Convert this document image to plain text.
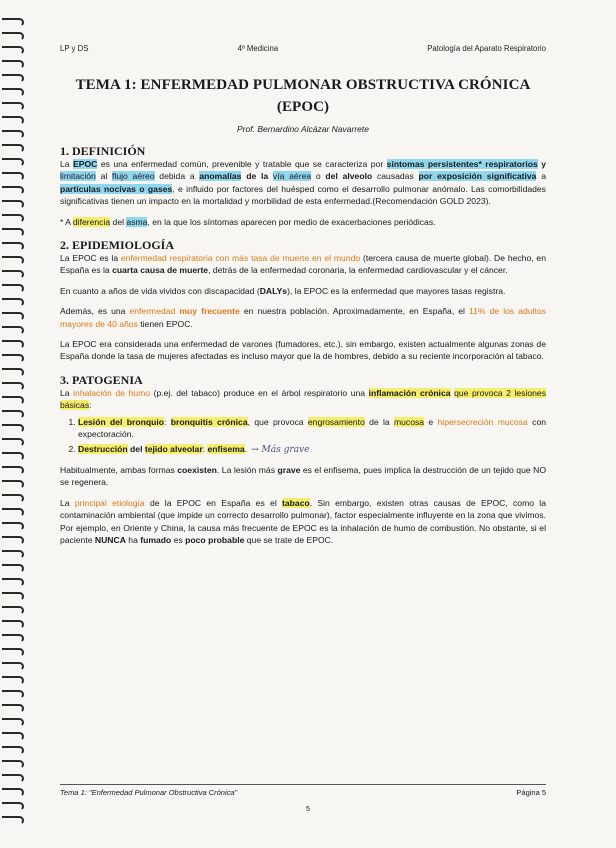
LP y DS	4º Medicina	Patología del Aparato Respiratorio
TEMA 1: ENFERMEDAD PULMONAR OBSTRUCTIVA CRÓNICA
(EPOC)
Prof. Bernardino Alcázar Navarrete
1. DEFINICIÓN

La EPOC es una enfermedad común, prevenible y tratable que se caracteriza por síntomas persistentes* respiratorios y limitación al flujo aéreo debida a anomalías de la vía aérea o del alveolo causadas por exposición significativa a partículas nocivas o gases, e influido por factores del huésped como el desarrollo pulmonar anómalo. Las comorbilidades significativas tienen un impacto en la mortalidad y morbilidad de esta enfermedad.(Recomendación GOLD 2023).

* A diferencia del asma, en la que los síntomas aparecen por medio de exacerbaciones periódicas.

2. EPIDEMIOLOGÍA

La EPOC es la enfermedad respiratoria con más tasa de muerte en el mundo (tercera causa de muerte global). De hecho, en España es la cuarta causa de muerte, detrás de la enfermedad coronaria, la enfermedad cardiovascular y el cáncer.

En cuanto a años de vida vividos con discapacidad (DALYs), la EPOC es la enfermedad que mayores tasas registra.

Además, es una enfermedad muy frecuente en nuestra población. Aproximadamente, en España, el 11% de los adultos mayores de 40 años tienen EPOC.

La EPOC era considerada una enfermedad de varones (fumadores, etc.), sin embargo, existen actualmente algunas zonas de España donde la tasa de mujeres afectadas es incluso mayor que la de hombres, debido a su reciente incorporación al tabaco.

3. PATOGENIA

La inhalación de humo (p.ej. del tabaco) produce en el árbol respiratorio una inflamación crónica que provoca 2 lesiones básicas:

1. Lesión del bronquio: bronquitis crónica, que provoca engrosamiento de la mucosa e hipersecreción mucosa con expectoración.
2. Destrucción del tejido alveolar: enfisema. → Más grave

Habitualmente, ambas formas coexisten. La lesión más grave es el enfisema, pues implica la destrucción de un tejido que NO se regenera.

La principal etiología de la EPOC en España es el tabaco. Sin embargo, existen otras causas de EPOC, como la contaminación ambiental (que impide un correcto desarrollo pulmonar), factor especialmente influyente en la zona que vivimos. Por ejemplo, en Oriente y China, la causa más frecuente de EPOC es la inhalación de humo de combustión. No obstante, si el paciente NUNCA ha fumado es poco probable que se trate de EPOC.

Tema 1: "Enfermedad Pulmonar Obstructiva Crónica"	Página 5
5
